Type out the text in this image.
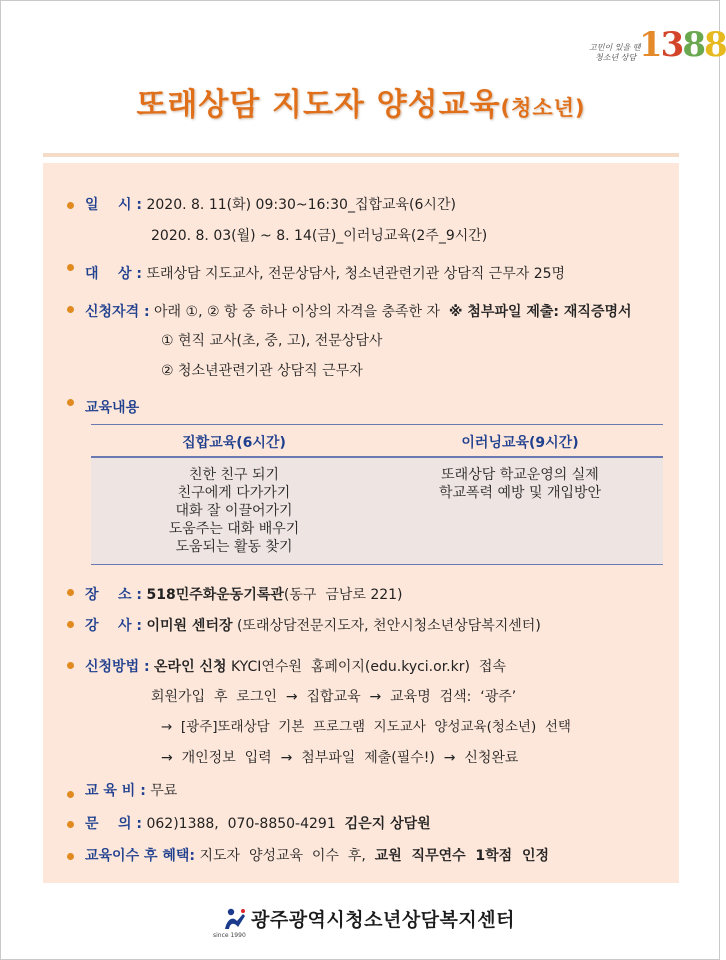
고민이 있을 땐
청소년 상담 1388
또래상담 지도자 양성교육(청소년)
일    시 : 2020. 8. 11(화) 09:30~16:30_집합교육(6시간)
2020. 8. 03(월) ~ 8. 14(금)_이러닝교육(2주_9시간)
대    상 : 또래상담 지도교사, 전문상담사, 청소년관련기관 상담직 근무자 25명
신청자격 : 아래 ①, ② 항 중 하나 이상의 자격을 충족한 자  ※ 첨부파일 제출: 재직증명서
① 현직 교사(초, 중, 고), 전문상담사
② 청소년관련기관 상담직 근무자
교육내용
집합교육(6시간)	이러닝교육(9시간)
친한 친구 되기
친구에게 다가가기
대화 잘 이끌어가기
도움주는 대화 배우기
도움되는 활동 찾기
또래상담 학교운영의 실제
학교폭력 예방 및 개입방안
장    소 : 518민주화운동기록관(동구  금남로 221)
강    사 : 이미원 센터장 (또래상담전문지도자, 천안시청소년상담복지센터)
신청방법 : 온라인 신청 KYCI연수원  홈페이지(edu.kyci.or.kr)  접속
회원가입  후  로그인  →  집합교육  →  교육명  검색:  ‘광주’
→  [광주]또래상담  기본  프로그램  지도교사  양성교육(청소년)  선택
→  개인정보  입력  →  첨부파일  제출(필수!)  →  신청완료
교 육 비 : 무료
문    의 : 062)1388,  070-8850-4291  김은지 상담원
교육이수 후 혜택: 지도자  양성교육  이수  후,  교원  직무연수  1학점  인정
since 1990
광주광역시청소년상담복지센터
